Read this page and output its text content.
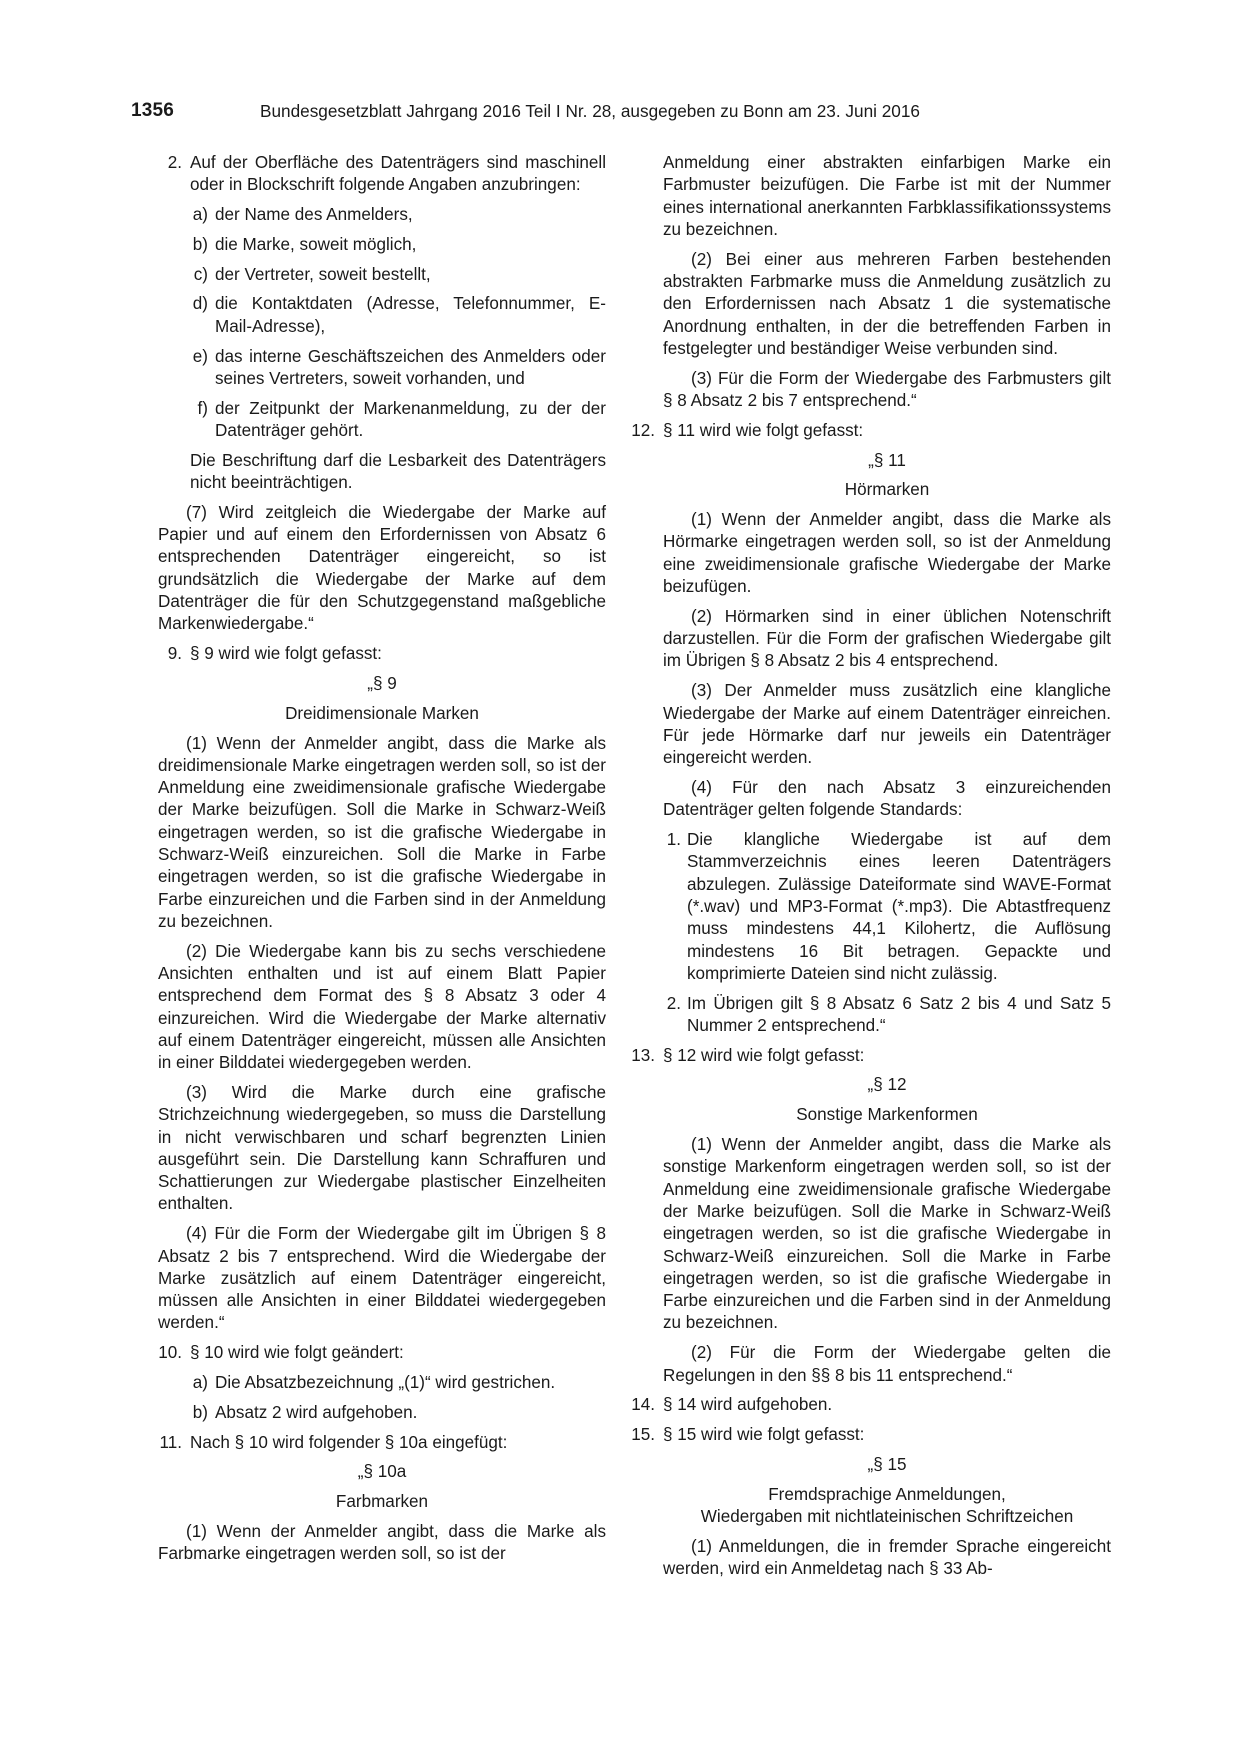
1356	Bundesgesetzblatt Jahrgang 2016 Teil I Nr. 28, ausgegeben zu Bonn am 23. Juni 2016
2. Auf der Oberfläche des Datenträgers sind maschinell oder in Blockschrift folgende Angaben anzubringen:

a) der Name des Anmelders,

b) die Marke, soweit möglich,

c) der Vertreter, soweit bestellt,

d) die Kontaktdaten (Adresse, Telefonnummer, E-Mail-Adresse),

e) das interne Geschäftszeichen des Anmelders oder seines Vertreters, soweit vorhanden, und

f) der Zeitpunkt der Markenanmeldung, zu der der Datenträger gehört.

Die Beschriftung darf die Lesbarkeit des Datenträgers nicht beeinträchtigen.

(7) Wird zeitgleich die Wiedergabe der Marke auf Papier und auf einem den Erfordernissen von Absatz 6 entsprechenden Datenträger eingereicht, so ist grundsätzlich die Wiedergabe der Marke auf dem Datenträger die für den Schutzgegenstand maßgebliche Markenwiedergabe.“

9. § 9 wird wie folgt gefasst:

„§ 9

Dreidimensionale Marken

(1) Wenn der Anmelder angibt, dass die Marke als dreidimensionale Marke eingetragen werden soll, so ist der Anmeldung eine zweidimensionale grafische Wiedergabe der Marke beizufügen. Soll die Marke in Schwarz-Weiß eingetragen werden, so ist die grafische Wiedergabe in Schwarz-Weiß einzureichen. Soll die Marke in Farbe eingetragen werden, so ist die grafische Wiedergabe in Farbe einzureichen und die Farben sind in der Anmeldung zu bezeichnen.

(2) Die Wiedergabe kann bis zu sechs verschiedene Ansichten enthalten und ist auf einem Blatt Papier entsprechend dem Format des § 8 Absatz 3 oder 4 einzureichen. Wird die Wiedergabe der Marke alternativ auf einem Datenträger eingereicht, müssen alle Ansichten in einer Bilddatei wiedergegeben werden.

(3) Wird die Marke durch eine grafische Strichzeichnung wiedergegeben, so muss die Darstellung in nicht verwischbaren und scharf begrenzten Linien ausgeführt sein. Die Darstellung kann Schraffuren und Schattierungen zur Wiedergabe plastischer Einzelheiten enthalten.

(4) Für die Form der Wiedergabe gilt im Übrigen § 8 Absatz 2 bis 7 entsprechend. Wird die Wiedergabe der Marke zusätzlich auf einem Datenträger eingereicht, müssen alle Ansichten in einer Bilddatei wiedergegeben werden.“

10. § 10 wird wie folgt geändert:

a) Die Absatzbezeichnung „(1)“ wird gestrichen.

b) Absatz 2 wird aufgehoben.

11. Nach § 10 wird folgender § 10a eingefügt:

„§ 10a

Farbmarken

(1) Wenn der Anmelder angibt, dass die Marke als Farbmarke eingetragen werden soll, so ist der

Anmeldung einer abstrakten einfarbigen Marke ein Farbmuster beizufügen. Die Farbe ist mit der Nummer eines international anerkannten Farbklassifikationssystems zu bezeichnen.

(2) Bei einer aus mehreren Farben bestehenden abstrakten Farbmarke muss die Anmeldung zusätzlich zu den Erfordernissen nach Absatz 1 die systematische Anordnung enthalten, in der die betreffenden Farben in festgelegter und beständiger Weise verbunden sind.

(3) Für die Form der Wiedergabe des Farbmusters gilt § 8 Absatz 2 bis 7 entsprechend.“

12. § 11 wird wie folgt gefasst:

„§ 11

Hörmarken

(1) Wenn der Anmelder angibt, dass die Marke als Hörmarke eingetragen werden soll, so ist der Anmeldung eine zweidimensionale grafische Wiedergabe der Marke beizufügen.

(2) Hörmarken sind in einer üblichen Notenschrift darzustellen. Für die Form der grafischen Wiedergabe gilt im Übrigen § 8 Absatz 2 bis 4 entsprechend.

(3) Der Anmelder muss zusätzlich eine klangliche Wiedergabe der Marke auf einem Datenträger einreichen. Für jede Hörmarke darf nur jeweils ein Datenträger eingereicht werden.

(4) Für den nach Absatz 3 einzureichenden Datenträger gelten folgende Standards:

1. Die klangliche Wiedergabe ist auf dem Stammverzeichnis eines leeren Datenträgers abzulegen. Zulässige Dateiformate sind WAVE-Format (*.wav) und MP3-Format (*.mp3). Die Abtastfrequenz muss mindestens 44,1 Kilohertz, die Auflösung mindestens 16 Bit betragen. Gepackte und komprimierte Dateien sind nicht zulässig.

2. Im Übrigen gilt § 8 Absatz 6 Satz 2 bis 4 und Satz 5 Nummer 2 entsprechend.“

13. § 12 wird wie folgt gefasst:

„§ 12

Sonstige Markenformen

(1) Wenn der Anmelder angibt, dass die Marke als sonstige Markenform eingetragen werden soll, so ist der Anmeldung eine zweidimensionale grafische Wiedergabe der Marke beizufügen. Soll die Marke in Schwarz-Weiß eingetragen werden, so ist die grafische Wiedergabe in Schwarz-Weiß einzureichen. Soll die Marke in Farbe eingetragen werden, so ist die grafische Wiedergabe in Farbe einzureichen und die Farben sind in der Anmeldung zu bezeichnen.

(2) Für die Form der Wiedergabe gelten die Regelungen in den §§ 8 bis 11 entsprechend.“

14. § 14 wird aufgehoben.

15. § 15 wird wie folgt gefasst:

„§ 15

Fremdsprachige Anmeldungen,

Wiedergaben mit nichtlateinischen Schriftzeichen

(1) Anmeldungen, die in fremder Sprache eingereicht werden, wird ein Anmeldetag nach § 33 Ab-
